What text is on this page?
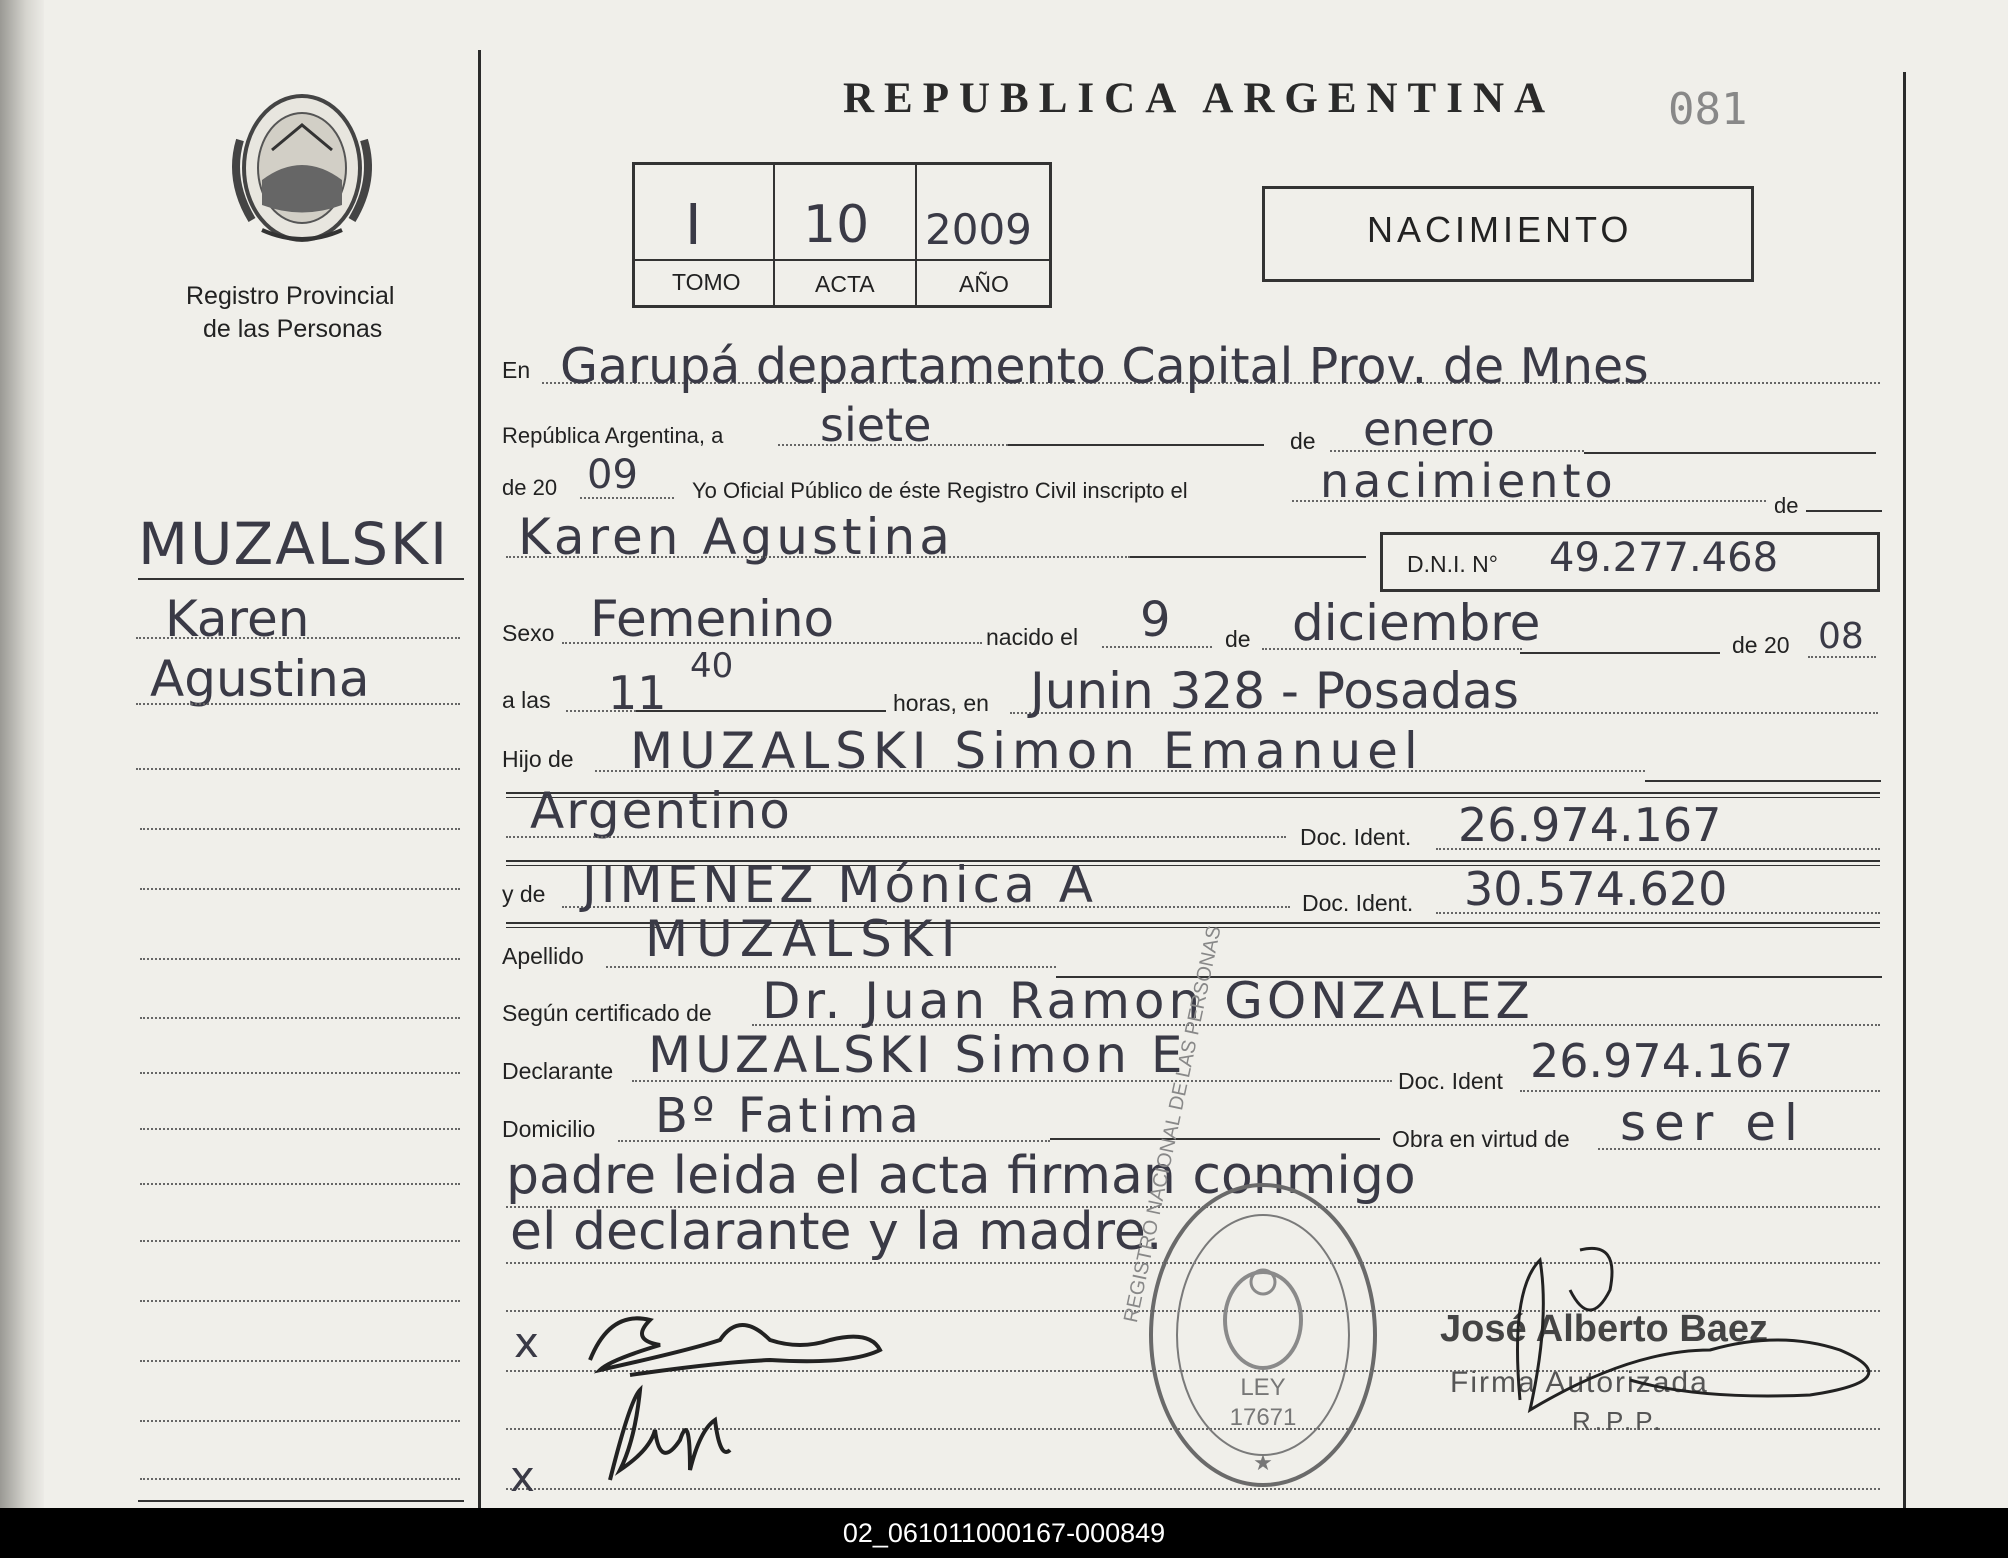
Registro Provincial
de las Personas
REPUBLICA ARGENTINA	081
I 10 2009
TOMO	ACTA	AÑO
NACIMIENTO
MUZALSKI
Karen
Agustina
En Garupá departamento Capital Prov. de Mnes
República Argentina, a siete	de enero
de 20 09 Yo Oficial Público de éste Registro Civil inscripto el	nacimiento	de
Karen Agustina	D.N.I. N° 49.277.468
Sexo Femenino	nacido el 9 de diciembre	de 20 08
a las 11 40
horas, en Junin 328 - Posadas
Hijo de MUZALSKI Simon Emanuel
Argentino	Doc. Ident. 26.974.167
y de JIMENEZ Mónica A	Doc. Ident. 30.574.620
Apellido MUZALSKI
Según certificado de Dr. Juan Ramon GONZALEZ
Declarante MUZALSKI Simon E	Doc. Ident 26.974.167
Domicilio Bº Fatima	Obra en virtud de ser el
padre leida el acta firman conmigo
el declarante y la madre.
x
x
LEY
17671
★
REGISTRO NACIONAL DE LAS PERSONAS
José Alberto Baez
Firma Autorizada
R.P.P.
02_061011000167-000849
